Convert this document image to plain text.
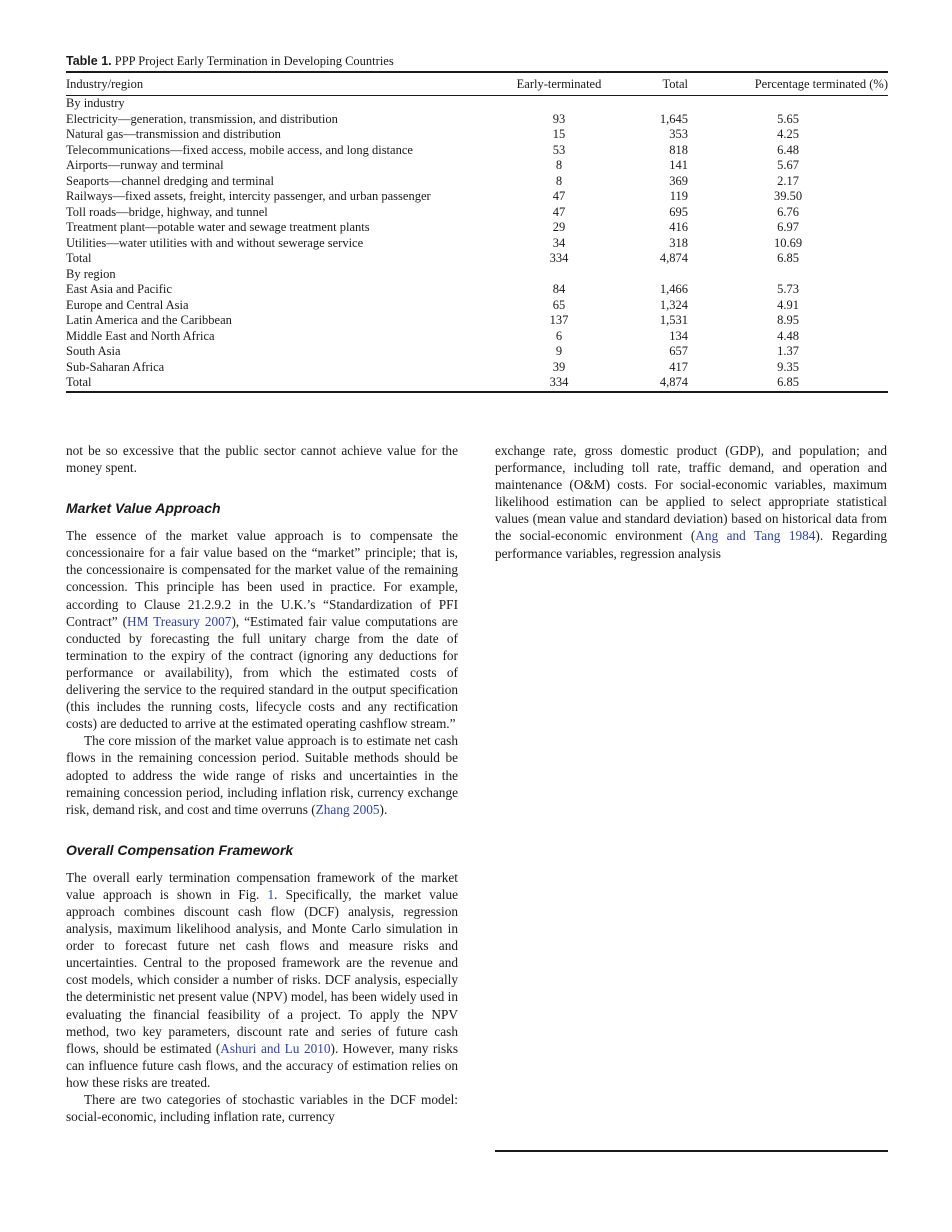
Table 1. PPP Project Early Termination in Developing Countries
Industry/region	Early-terminated	Total	Percentage terminated (%)
By industry			
Electricity—generation, transmission, and distribution	93	1,645	5.65
Natural gas—transmission and distribution	15	353	4.25
Telecommunications—fixed access, mobile access, and long distance	53	818	6.48
Airports—runway and terminal	8	141	5.67
Seaports—channel dredging and terminal	8	369	2.17
Railways—fixed assets, freight, intercity passenger, and urban passenger	47	119	39.50
Toll roads—bridge, highway, and tunnel	47	695	6.76
Treatment plant—potable water and sewage treatment plants	29	416	6.97
Utilities—water utilities with and without sewerage service	34	318	10.69
Total	334	4,874	6.85
By region			
East Asia and Pacific	84	1,466	5.73
Europe and Central Asia	65	1,324	4.91
Latin America and the Caribbean	137	1,531	8.95
Middle East and North Africa	6	134	4.48
South Asia	9	657	1.37
Sub-Saharan Africa	39	417	9.35
Total	334	4,874	6.85

not be so excessive that the public sector cannot achieve value for the money spent.

Market Value Approach

The essence of the market value approach is to compensate the concessionaire for a fair value based on the “market” principle; that is, the concessionaire is compensated for the market value of the remaining concession. This principle has been used in practice. For example, according to Clause 21.2.9.2 in the U.K.’s “Standardization of PFI Contract” (HM Treasury 2007), “Estimated fair value computations are conducted by forecasting the full unitary charge from the date of termination to the expiry of the contract (ignoring any deductions for performance or availability), from which the estimated costs of delivering the service to the required standard in the output specification (this includes the running costs, lifecycle costs and any rectification costs) are deducted to arrive at the estimated operating cashflow stream.”

The core mission of the market value approach is to estimate net cash flows in the remaining concession period. Suitable methods should be adopted to address the wide range of risks and uncertainties in the remaining concession period, including inflation risk, currency exchange risk, demand risk, and cost and time overruns (Zhang 2005).

Overall Compensation Framework

The overall early termination compensation framework of the market value approach is shown in Fig. 1. Specifically, the market value approach combines discount cash flow (DCF) analysis, regression analysis, maximum likelihood analysis, and Monte Carlo simulation in order to forecast future net cash flows and measure risks and uncertainties. Central to the proposed framework are the revenue and cost models, which consider a number of risks. DCF analysis, especially the deterministic net present value (NPV) model, has been widely used in evaluating the financial feasibility of a project. To apply the NPV method, two key parameters, discount rate and series of future cash flows, should be estimated (Ashuri and Lu 2010). However, many risks can influence future cash flows, and the accuracy of estimation relies on how these risks are treated.

There are two categories of stochastic variables in the DCF model: social-economic, including inflation rate, currency

exchange rate, gross domestic product (GDP), and population; and performance, including toll rate, traffic demand, and operation and maintenance (O&M) costs. For social-economic variables, maximum likelihood estimation can be applied to select appropriate statistical values (mean value and standard deviation) based on historical data from the social-economic environment (Ang and Tang 1984). Regarding performance variables, regression analysis
